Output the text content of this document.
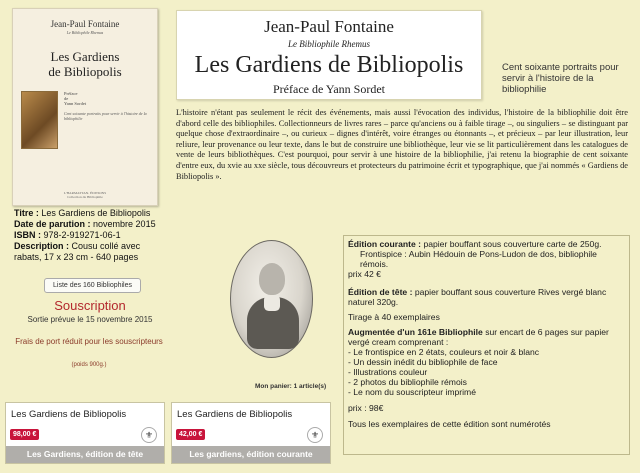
Jean-Paul Fontaine
Le Bibliophile Rhemus
Les Gardiens
de Bibliopolis
Préface
de
Yann Sordet
Cent soixante portraits pour servir à l'histoire de la bibliophilie
L'HARMATTAN. ÉDITIONS
Collection du Bibliophile
Titre : Les Gardiens de Bibliopolis
Date de parution : novembre 2015
ISBN : 978-2-919271-06-1
Description : Cousu collé avec rabats, 17 x 23 cm - 640 pages
Liste des 160 Bibliophiles
Souscription
Sortie prévue le 15 novembre 2015
Frais de port réduit pour les souscripteurs
(poids 900g.)
Jean-Paul Fontaine
Le Bibliophile Rhemus
Les Gardiens de Bibliopolis
Préface de Yann Sordet
Cent soixante portraits pour servir à l'histoire de la bibliophilie
L'histoire n'étant pas seulement le récit des événements, mais aussi l'évocation des individus, l'histoire de la bibliophilie doit être d'abord celle des bibliophiles. Collectionneurs de livres rares – parce qu'anciens ou à faible tirage –, ou singuliers – se distinguant par quelque chose d'extraordinaire –, ou curieux – dignes d'intérêt, voire étranges ou étonnants –, et précieux – par leur illustration, leur reliure, leur provenance ou leur texte, dans le but de construire une bibliothèque, leur vie se lit particulièrement dans les catalogues de vente de leurs bibliothèques. C'est pourquoi, pour servir à une histoire de la bibliophilie, j'ai retenu la biographie de cent soixante d'entre eux, du xvie au xxe siècle, tous découvreurs et protecteurs du patrimoine écrit et typographique, que j'ai nommés « Gardiens de Bibliopolis ».
Mon panier: 1 article(s)

Édition courante : papier bouffant sous couverture carte de 250g.

Frontispice : Aubin Hédouin de Pons-Ludon de dos, bibliophile rémois.

prix 42 €

Édition de tête : papier bouffant sous couverture Rives vergé blanc naturel 320g.

Tirage à 40 exemplaires

Augmentée d'un 161e Bibliophile sur encart de 6 pages sur papier vergé cream comprenant :

- Le frontispice en 2 états, couleurs et noir & blanc

- Un dessin inédit du bibliophile de face

- Illustrations couleur

- 2 photos du bibliophile rémois

- Le nom du souscripteur imprimé

prix : 98€

Tous les exemplaires de cette édition sont numérotés

Les Gardiens de Bibliopolis
98,00 €	⚜
Les Gardiens, édition de tête
Les Gardiens de Bibliopolis
42,00 €	⚜
Les gardiens, édition courante
